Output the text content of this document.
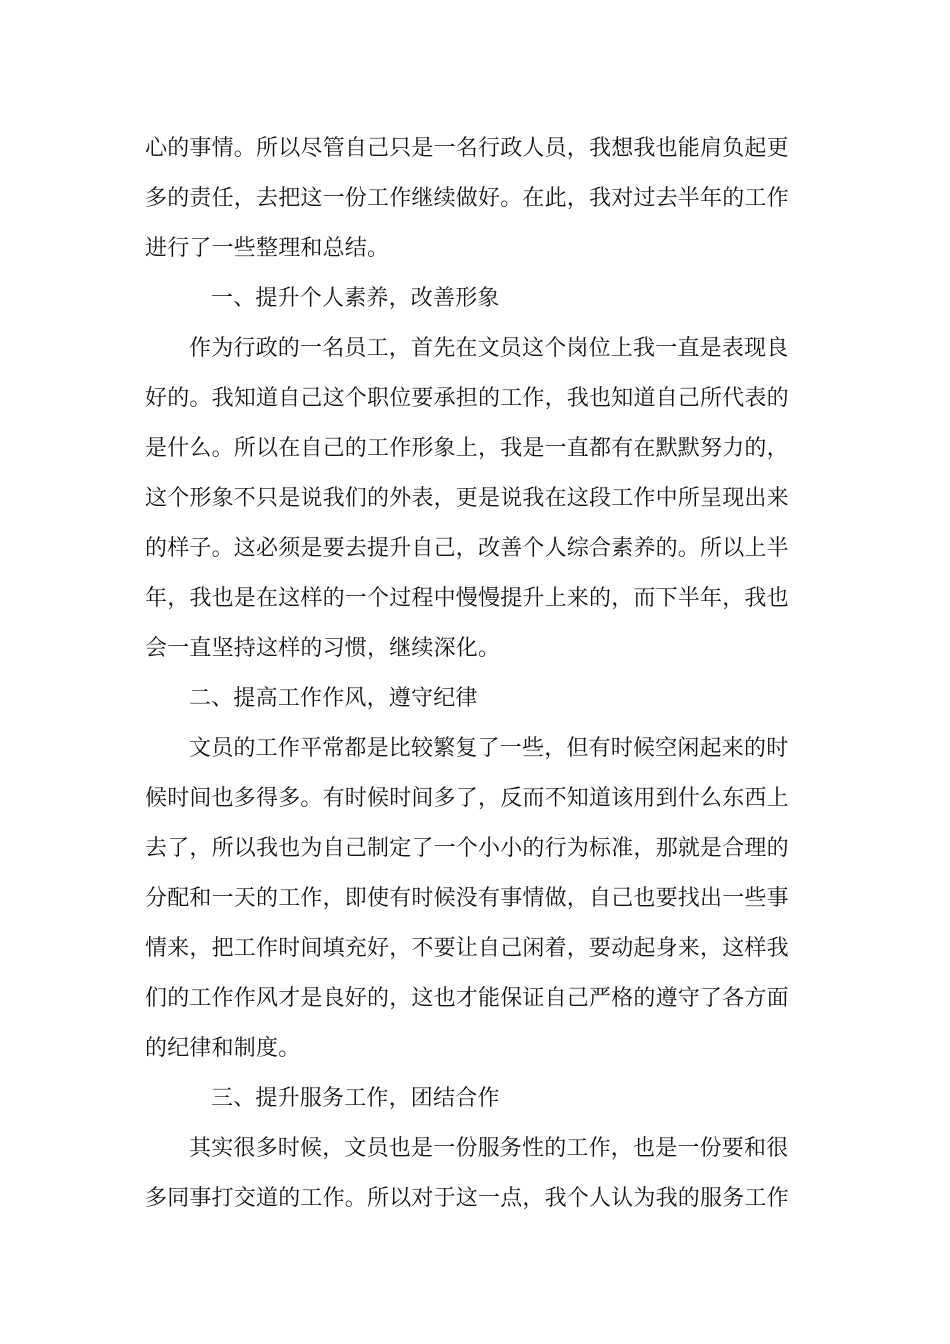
心的事情。所以尽管自己只是一名行政人员，我想我也能肩负起更
多的责任，去把这一份工作继续做好。在此，我对过去半年的工作
进行了一些整理和总结。
一、提升个人素养，改善形象
作为行政的一名员工，首先在文员这个岗位上我一直是表现良
好的。我知道自己这个职位要承担的工作，我也知道自己所代表的
是什么。所以在自己的工作形象上，我是一直都有在默默努力的，
这个形象不只是说我们的外表，更是说我在这段工作中所呈现出来
的样子。这必须是要去提升自己，改善个人综合素养的。所以上半
年，我也是在这样的一个过程中慢慢提升上来的，而下半年，我也
会一直坚持这样的习惯，继续深化。
二、提高工作作风，遵守纪律
文员的工作平常都是比较繁复了一些，但有时候空闲起来的时
候时间也多得多。有时候时间多了，反而不知道该用到什么东西上
去了，所以我也为自己制定了一个小小的行为标准，那就是合理的
分配和一天的工作，即使有时候没有事情做，自己也要找出一些事
情来，把工作时间填充好，不要让自己闲着，要动起身来，这样我
们的工作作风才是良好的，这也才能保证自己严格的遵守了各方面
的纪律和制度。
三、提升服务工作，团结合作
其实很多时候，文员也是一份服务性的工作，也是一份要和很
多同事打交道的工作。所以对于这一点，我个人认为我的服务工作
